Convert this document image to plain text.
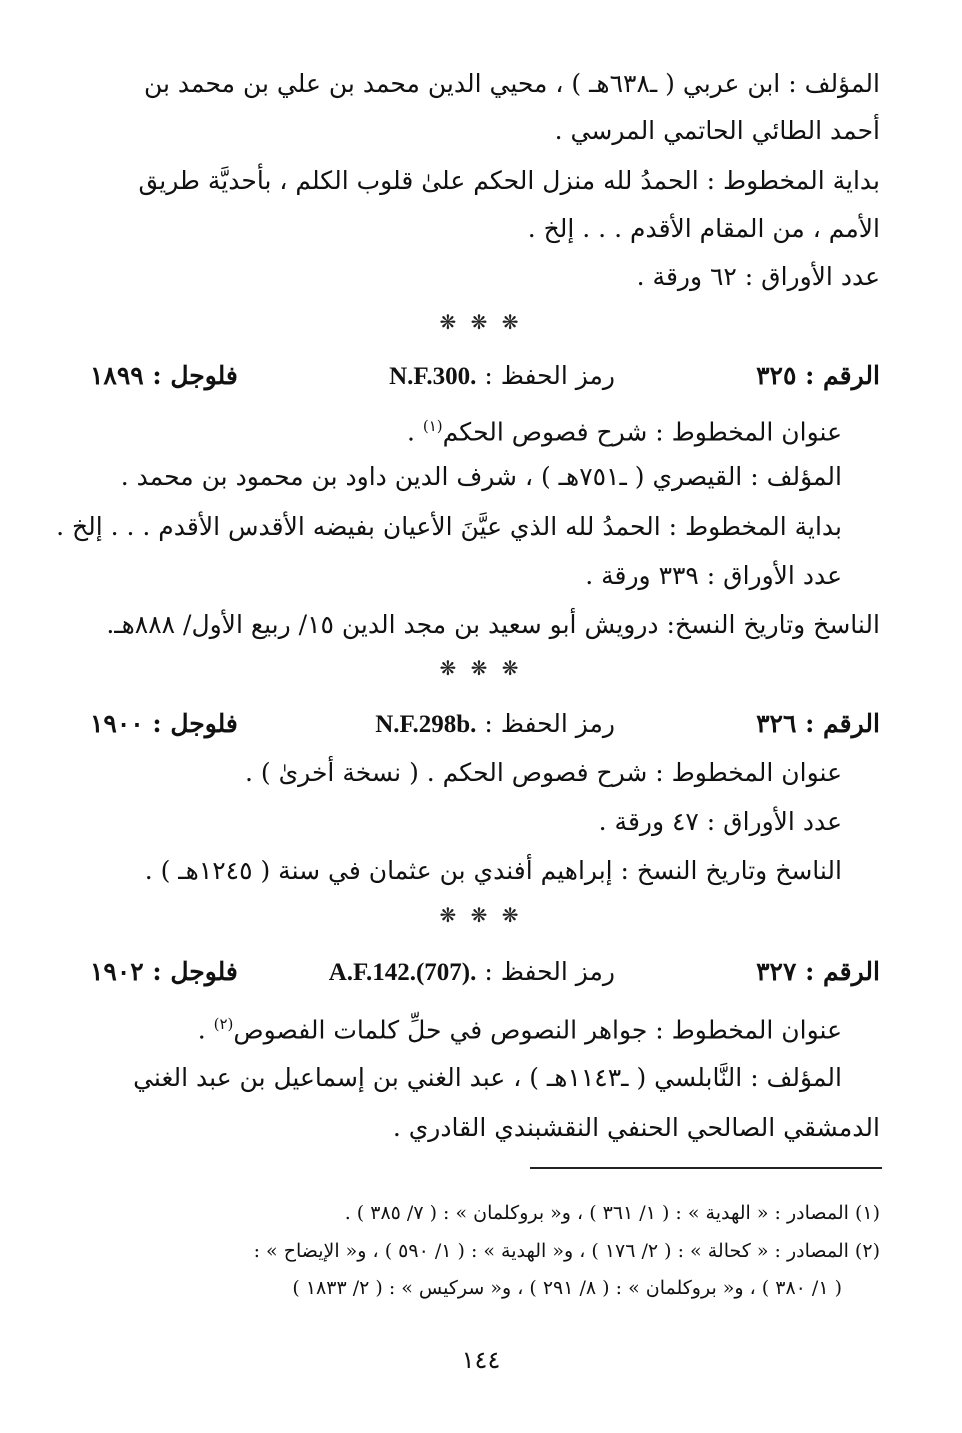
المؤلف : ابن عربي ( ـ٦٣٨هـ ) ، محيي الدين محمد بن علي بن محمد بن
أحمد الطائي الحاتمي المرسي .
بداية المخطوط : الحمدُ لله منزل الحكم علىٰ قلوب الكلم ، بأحديَّة طريق
الأمم ، من المقام الأقدم . . . إلخ .
عدد الأوراق : ٦٢ ورقة .
❋ ❋ ❋
الرقم : ٣٢٥
رمز الحفظ : N.F.300.
فلوجل : ١٨٩٩
عنوان المخطوط : شرح فصوص الحكم$^{(١)}$ .
المؤلف : القيصري ( ـ٧٥١هـ ) ، شرف الدين داود بن محمود بن محمد .
بداية المخطوط : الحمدُ لله الذي عيَّنَ الأعيان بفيضه الأقدس الأقدم . . . إلخ .
عدد الأوراق : ٣٣٩ ورقة .
الناسخ وتاريخ النسخ: درويش أبو سعيد بن مجد الدين ١٥/ ربيع الأول/ ٨٨٨هـ.
❋ ❋ ❋
الرقم : ٣٢٦
رمز الحفظ : N.F.298b.
فلوجل : ١٩٠٠
عنوان المخطوط : شرح فصوص الحكم . ( نسخة أخرىٰ ) .
عدد الأوراق : ٤٧ ورقة .
الناسخ وتاريخ النسخ : إبراهيم أفندي بن عثمان في سنة ( ١٢٤٥هـ ) .
❋ ❋ ❋
الرقم : ٣٢٧
رمز الحفظ : A.F.142.(707).
فلوجل : ١٩٠٢
عنوان المخطوط : جواهر النصوص في حلِّ كلمات الفصوص$^{(٢)}$ .
المؤلف : النَّابلسي ( ـ١١٤٣هـ ) ، عبد الغني بن إسماعيل بن عبد الغني
الدمشقي الصالحي الحنفي النقشبندي القادري .
(١) المصادر : « الهدية » : ( ١/ ٣٦١ ) ، و« بروكلمان » : ( ٧/ ٣٨٥ ) .
(٢) المصادر : « كحالة » : ( ٢/ ١٧٦ ) ، و« الهدية » : ( ١/ ٥٩٠ ) ، و« الإيضاح » :
( ١/ ٣٨٠ ) ، و« بروكلمان » : ( ٨/ ٢٩١ ) ، و« سركيس » : ( ٢/ ١٨٣٣ )
١٤٤
